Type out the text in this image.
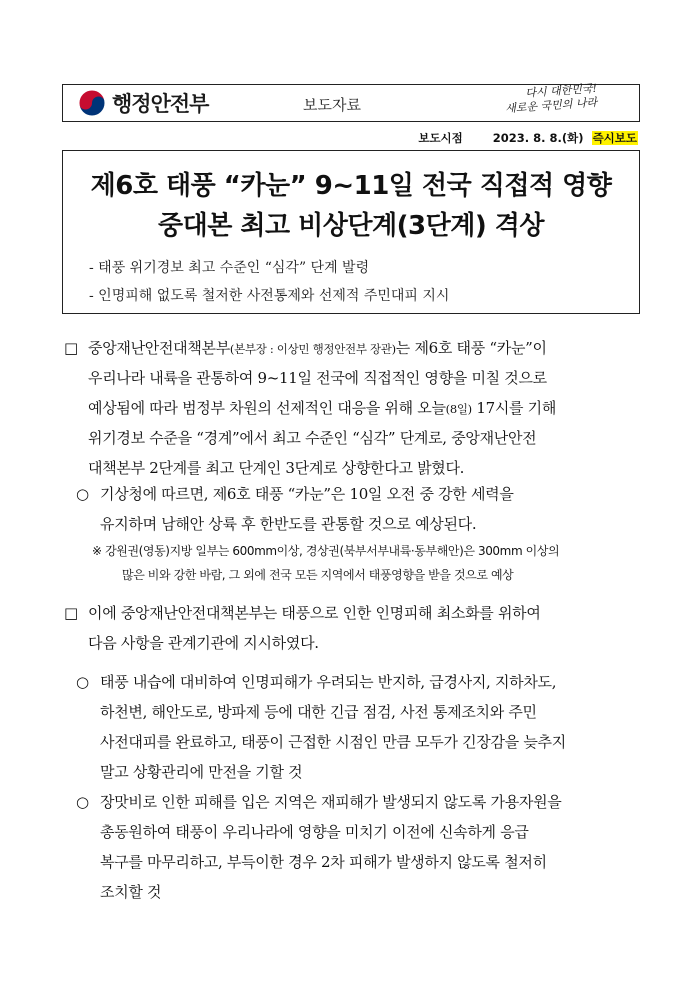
행정안전부	보도자료
다시 대한민국!
새로운 국민의 나라
보도시점	2023. 8. 8.(화) 즉시보도
제6호 태풍 “카눈” 9~11일 전국 직접적 영향
중대본 최고 비상단계(3단계) 격상
- 태풍 위기경보 최고 수준인 “심각” 단계 발령
- 인명피해 없도록 철저한 사전통제와 선제적 주민대피 지시
□ 중앙재난안전대책본부(본부장 : 이상민 행정안전부 장관)는 제6호 태풍 “카눈”이
우리나라 내륙을 관통하여 9~11일 전국에 직접적인 영향을 미칠 것으로
예상됨에 따라 범정부 차원의 선제적인 대응을 위해 오늘(8일) 17시를 기해
위기경보 수준을 “경계”에서 최고 수준인 “심각” 단계로, 중앙재난안전
대책본부 2단계를 최고 단계인 3단계로 상향한다고 밝혔다.
○ 기상청에 따르면, 제6호 태풍 “카눈”은 10일 오전 중 강한 세력을
유지하며 남해안 상륙 후 한반도를 관통할 것으로 예상된다.
※ 강원권(영동)지방 일부는 600mm이상, 경상권(북부서부내륙·동부해안)은 300mm 이상의
많은 비와 강한 바람, 그 외에 전국 모든 지역에서 태풍영향을 받을 것으로 예상
□ 이에 중앙재난안전대책본부는 태풍으로 인한 인명피해 최소화를 위하여
다음 사항을 관계기관에 지시하였다.
○ 태풍 내습에 대비하여 인명피해가 우려되는 반지하, 급경사지, 지하차도,
하천변, 해안도로, 방파제 등에 대한 긴급 점검, 사전 통제조치와 주민
사전대피를 완료하고, 태풍이 근접한 시점인 만큼 모두가 긴장감을 늦추지
말고 상황관리에 만전을 기할 것
○ 장맛비로 인한 피해를 입은 지역은 재피해가 발생되지 않도록 가용자원을
총동원하여 태풍이 우리나라에 영향을 미치기 이전에 신속하게 응급
복구를 마무리하고, 부득이한 경우 2차 피해가 발생하지 않도록 철저히
조치할 것
